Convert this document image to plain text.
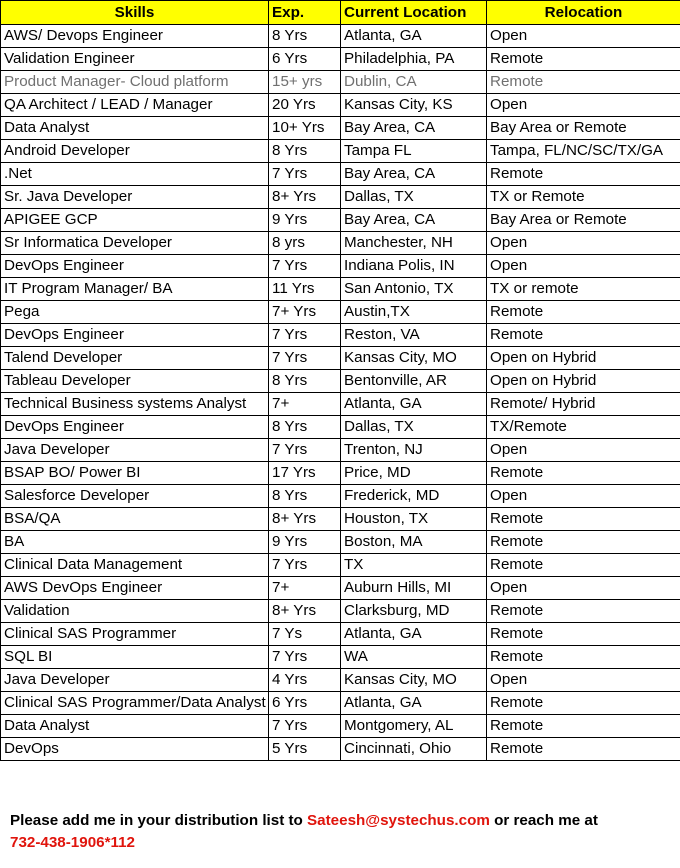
Skills	Exp.	Current Location	Relocation
AWS/ Devops Engineer	8 Yrs	Atlanta, GA	Open
Validation Engineer	6 Yrs	Philadelphia, PA	Remote
Product Manager- Cloud platform	15+ yrs	Dublin, CA	Remote
QA Architect / LEAD / Manager	20 Yrs	Kansas City, KS	Open
Data Analyst	10+ Yrs	Bay Area, CA	Bay Area or Remote
Android Developer	8 Yrs	Tampa FL	Tampa, FL/NC/SC/TX/GA
.Net	7 Yrs	Bay Area, CA	Remote
Sr. Java Developer	8+ Yrs	Dallas, TX	TX or Remote
APIGEE GCP	9 Yrs	Bay Area, CA	Bay Area or Remote
Sr Informatica Developer	8 yrs	Manchester, NH	Open
DevOps Engineer	7 Yrs	Indiana Polis, IN	Open
IT Program Manager/ BA	11 Yrs	San Antonio, TX	TX or remote
Pega	7+ Yrs	Austin,TX	Remote
DevOps Engineer	7 Yrs	Reston, VA	Remote
Talend Developer	7 Yrs	Kansas City, MO	Open on Hybrid
Tableau Developer	8 Yrs	Bentonville, AR	Open on Hybrid
Technical Business systems Analyst	7+	Atlanta, GA	Remote/ Hybrid
DevOps Engineer	8 Yrs	Dallas, TX	TX/Remote
Java Developer	7 Yrs	Trenton, NJ	Open
BSAP BO/ Power BI	17 Yrs	Price, MD	Remote
Salesforce Developer	8 Yrs	Frederick, MD	Open
BSA/QA	8+ Yrs	Houston, TX	Remote
BA	9 Yrs	Boston, MA	Remote
Clinical Data Management	7 Yrs	TX	Remote
AWS DevOps Engineer	7+	Auburn Hills, MI	Open
Validation	8+ Yrs	Clarksburg, MD	Remote
Clinical SAS Programmer	7 Ys	Atlanta, GA	Remote
SQL BI	7 Yrs	WA	Remote
Java Developer	4 Yrs	Kansas City, MO	Open
Clinical SAS Programmer/Data Analyst	6 Yrs	Atlanta, GA	Remote
Data Analyst	7 Yrs	Montgomery, AL	Remote
DevOps	5 Yrs	Cincinnati, Ohio	Remote
Please add me in your distribution list to Sateesh@systechus.com or reach me at
732-438-1906*112
